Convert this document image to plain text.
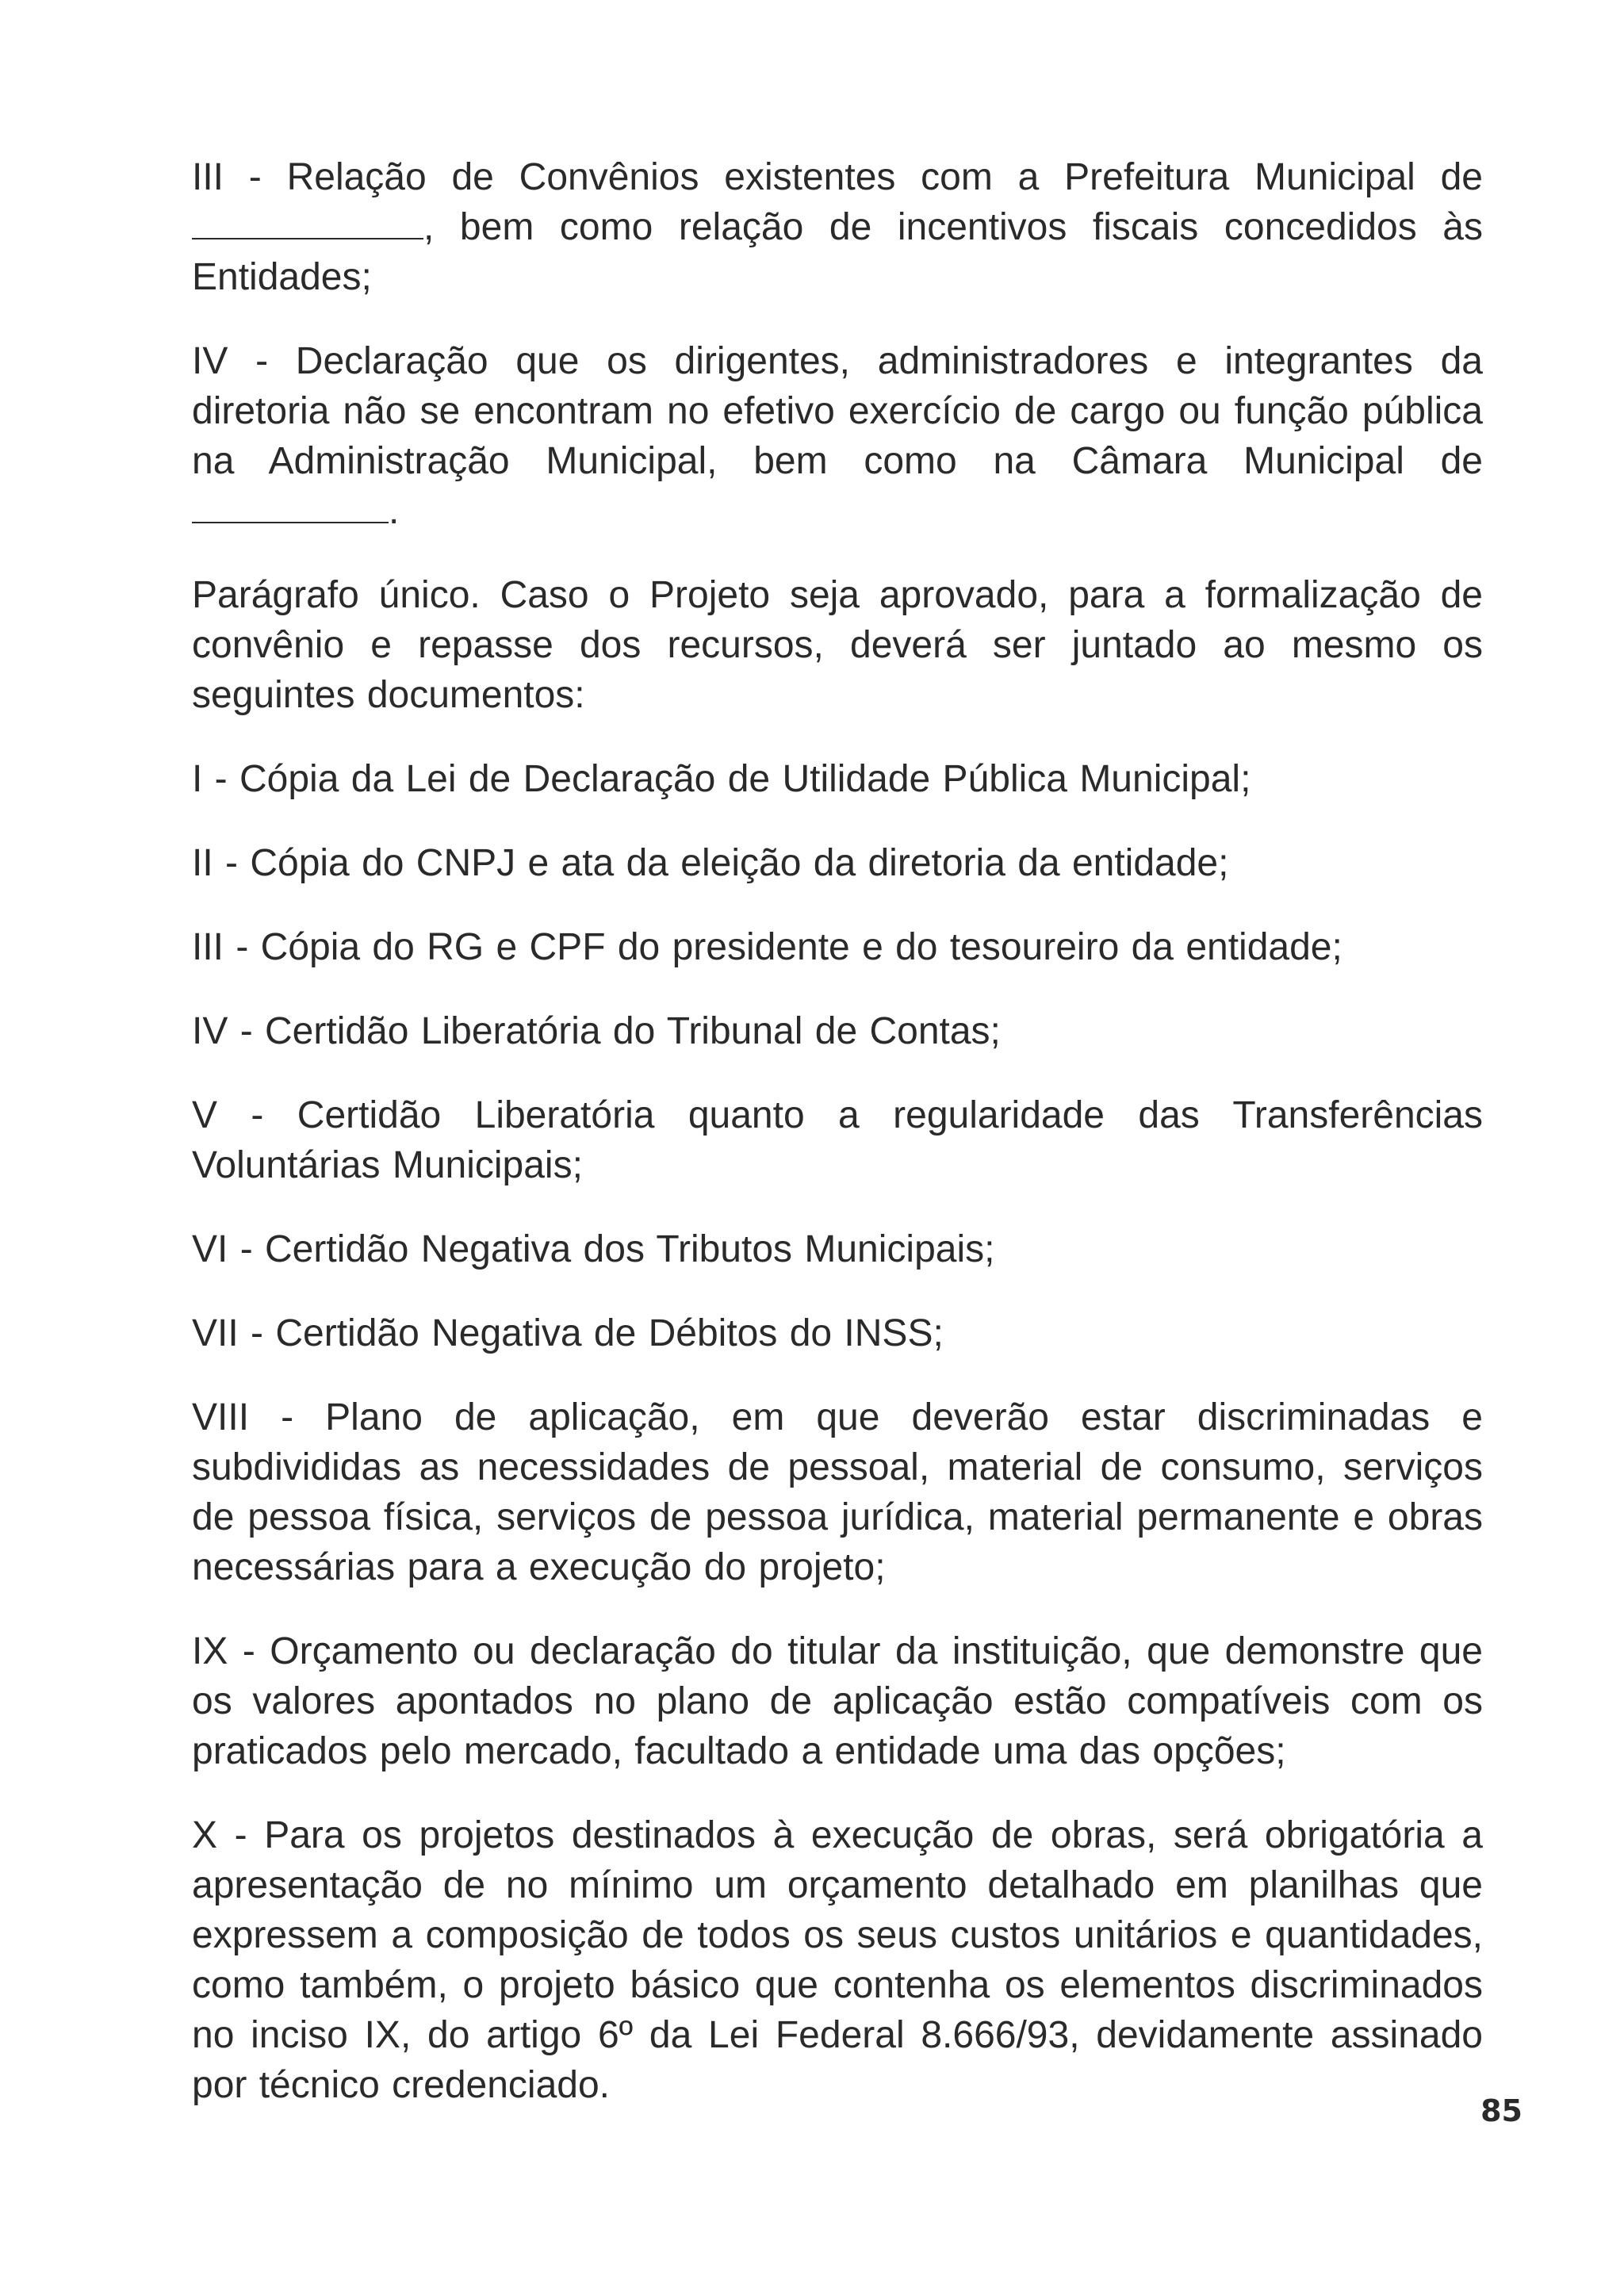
III - Relação de Convênios existentes com a Prefeitura Municipal de , bem como relação de incentivos fiscais concedidos às Entidades;

IV - Declaração que os dirigentes, administradores e integrantes da diretoria não se encontram no efetivo exercício de cargo ou função pública na Administração Municipal, bem como na Câmara Municipal de .

Parágrafo único. Caso o Projeto seja aprovado, para a formalização de convênio e repasse dos recursos, deverá ser juntado ao mesmo os seguintes documentos:

I - Cópia da Lei de Declaração de Utilidade Pública Municipal;

II - Cópia do CNPJ e ata da eleição da diretoria da entidade;

III - Cópia do RG e CPF do presidente e do tesoureiro da entidade;

IV - Certidão Liberatória do Tribunal de Contas;

V - Certidão Liberatória quanto a regularidade das Transferências Voluntárias Municipais;

VI - Certidão Negativa dos Tributos Municipais;

VII - Certidão Negativa de Débitos do INSS;

VIII - Plano de aplicação, em que deverão estar discriminadas e subdivididas as necessidades de pessoal, material de consumo, serviços de pessoa física, serviços de pessoa jurídica, material permanente e obras necessárias para a execução do projeto;

IX - Orçamento ou declaração do titular da instituição, que demonstre que os valores apontados no plano de aplicação estão compatíveis com os praticados pelo mercado, facultado a entidade uma das opções;

X - Para os projetos destinados à execução de obras, será obrigatória a apresentação de no mínimo um orçamento detalhado em planilhas que expressem a composição de todos os seus custos unitários e quantidades, como também, o projeto básico que contenha os elementos discriminados no inciso IX, do artigo 6º da Lei Federal 8.666/93, devidamente assinado por técnico credenciado.

85
